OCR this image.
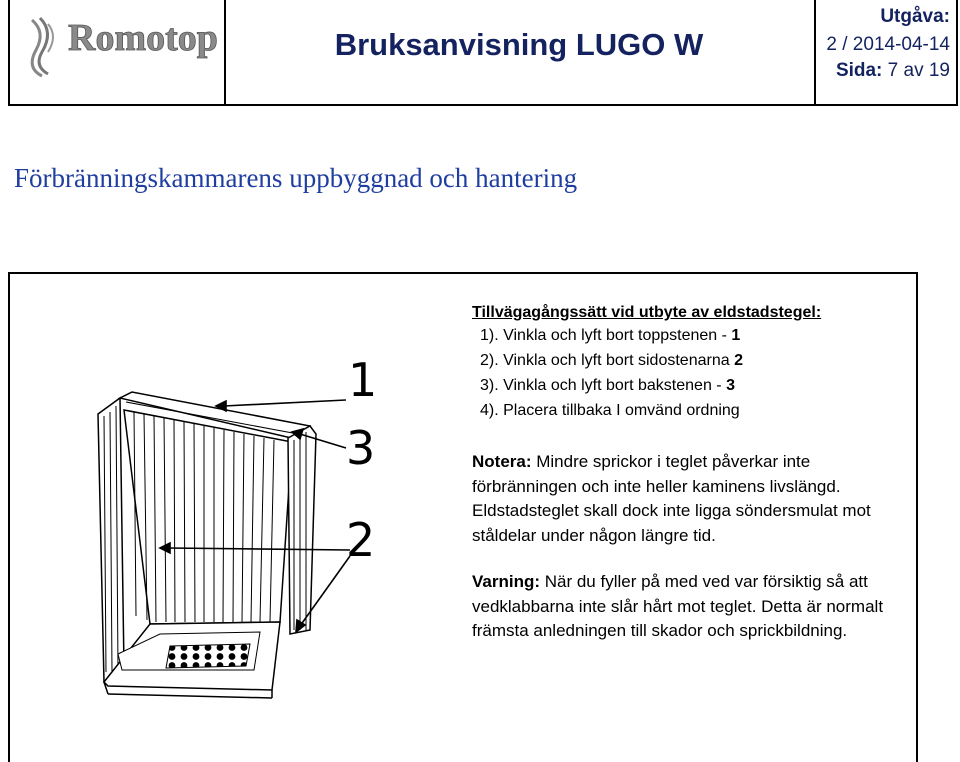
Romotop	Bruksanvisning LUGO W
Utgåva:
2 / 2014-04-14
Sida: 7 av 19
Förbränningskammarens uppbyggnad och hantering
1
3
2
Tillvägagångssätt vid utbyte av eldstadstegel:
1). Vinkla och lyft bort toppstenen - 1
2). Vinkla och lyft bort sidostenarna 2
3). Vinkla och lyft bort bakstenen - 3
4). Placera tillbaka I omvänd ordning
Notera: Mindre sprickor i teglet påverkar inte förbränningen och inte heller kaminens livslängd. Eldstadsteglet skall dock inte ligga söndersmulat mot ståldelar under någon längre tid.
Varning: När du fyller på med ved var försiktig så att vedklabbarna inte slår hårt mot teglet. Detta är normalt främsta anledningen till skador och sprickbildning.
